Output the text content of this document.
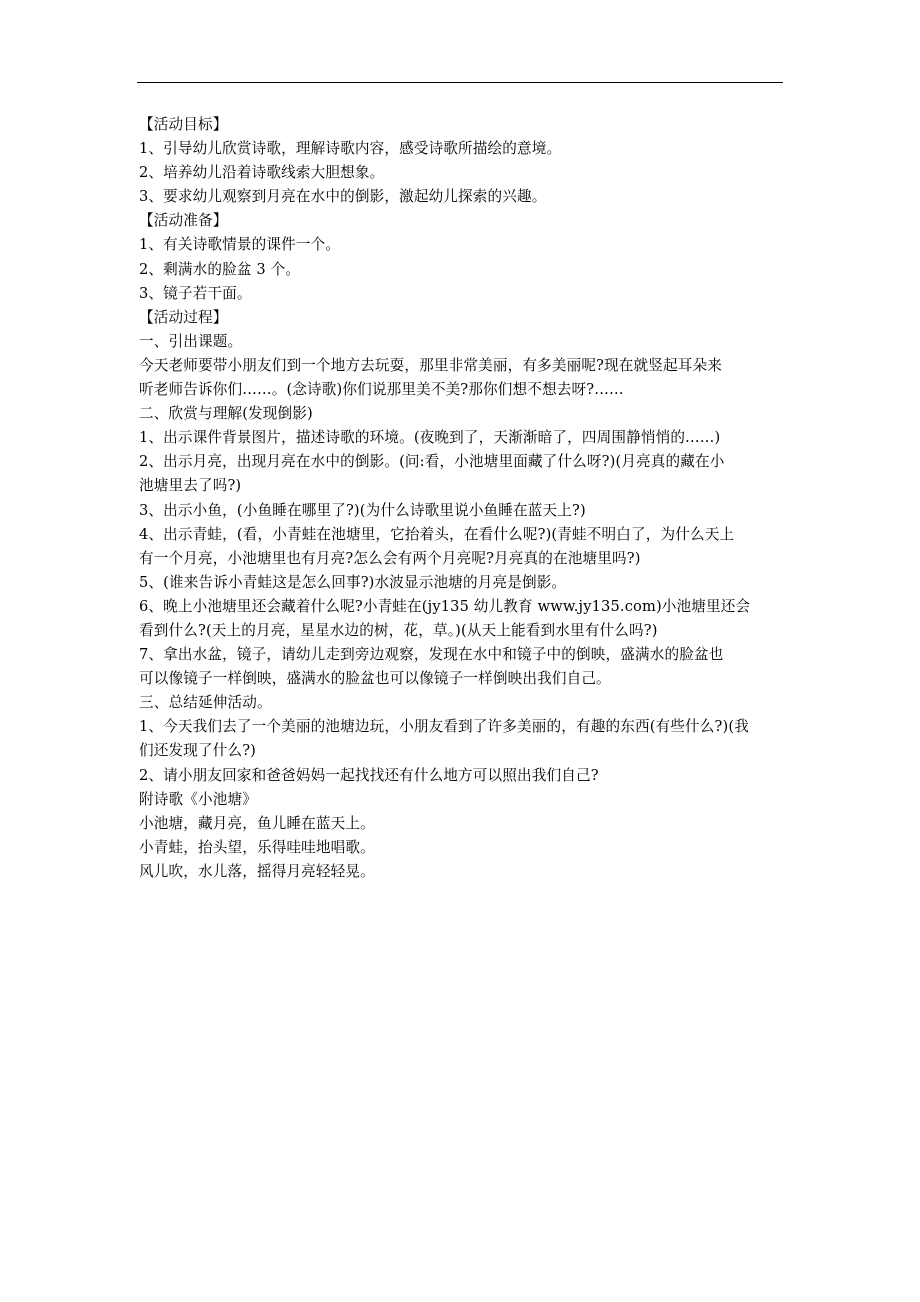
【活动目标】
1、引导幼儿欣赏诗歌，理解诗歌内容，感受诗歌所描绘的意境。
2、培养幼儿沿着诗歌线索大胆想象。
3、要求幼儿观察到月亮在水中的倒影，激起幼儿探索的兴趣。
【活动准备】
1、有关诗歌情景的课件一个。
2、剩满水的脸盆 3 个。
3、镜子若干面。
【活动过程】
一、引出课题。
今天老师要带小朋友们到一个地方去玩耍，那里非常美丽，有多美丽呢?现在就竖起耳朵来
听老师告诉你们……。(念诗歌)你们说那里美不美?那你们想不想去呀?……
二、欣赏与理解(发现倒影)
1、出示课件背景图片，描述诗歌的环境。(夜晚到了，天渐渐暗了，四周围静悄悄的……)
2、出示月亮，出现月亮在水中的倒影。(问:看，小池塘里面藏了什么呀?)(月亮真的藏在小
池塘里去了吗?)
3、出示小鱼，(小鱼睡在哪里了?)(为什么诗歌里说小鱼睡在蓝天上?)
4、出示青蛙，(看，小青蛙在池塘里，它抬着头，在看什么呢?)(青蛙不明白了，为什么天上
有一个月亮，小池塘里也有月亮?怎么会有两个月亮呢?月亮真的在池塘里吗?)
5、(谁来告诉小青蛙这是怎么回事?)水波显示池塘的月亮是倒影。
6、晚上小池塘里还会藏着什么呢?小青蛙在(jy135 幼儿教育 www.jy135.com)小池塘里还会
看到什么?(天上的月亮，星星水边的树，花，草。)(从天上能看到水里有什么吗?)
7、拿出水盆，镜子，请幼儿走到旁边观察，发现在水中和镜子中的倒映，盛满水的脸盆也
可以像镜子一样倒映，盛满水的脸盆也可以像镜子一样倒映出我们自己。
三、总结延伸活动。
1、今天我们去了一个美丽的池塘边玩，小朋友看到了许多美丽的，有趣的东西(有些什么?)(我
们还发现了什么?)
2、请小朋友回家和爸爸妈妈一起找找还有什么地方可以照出我们自己?
附诗歌《小池塘》
小池塘，藏月亮，鱼儿睡在蓝天上。
小青蛙，抬头望，乐得哇哇地唱歌。
风儿吹，水儿落，摇得月亮轻轻晃。
